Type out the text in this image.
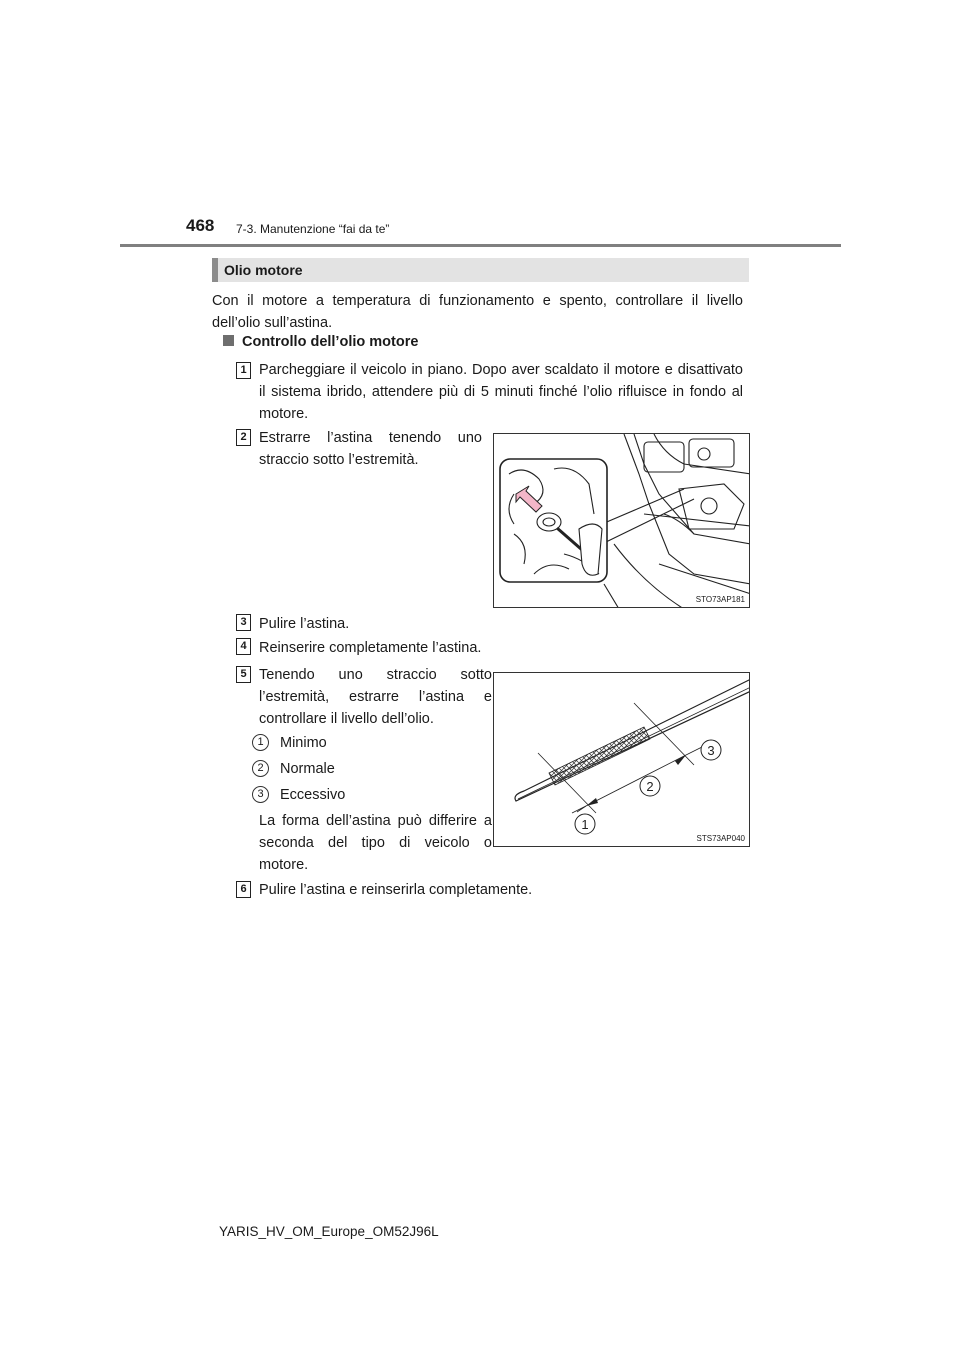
468 7-3. Manutenzione “fai da te”
Olio motore
Con il motore a temperatura di funzionamento e spento, controllare il livello dell’olio sull’astina.
Controllo dell’olio motore
1 Parcheggiare il veicolo in piano. Dopo aver scaldato il motore e disattivato il sistema ibrido, attendere più di 5 minuti finché l’olio rifluisce in fondo al motore.
2 Estrarre l’astina tenendo uno straccio sotto l’estremità.
STO73AP181
3 Pulire l’astina.
4 Reinserire completamente l’astina.
5 Tenendo uno straccio sotto l’estremità, estrarre l’astina e controllare il livello dell’olio.
1	Minimo
2	Normale
3	Eccessivo
La forma dell’astina può differire a seconda del tipo di veicolo o motore.
1
2
3
STS73AP040
6 Pulire l’astina e reinserirla completamente.
YARIS_HV_OM_Europe_OM52J96L
